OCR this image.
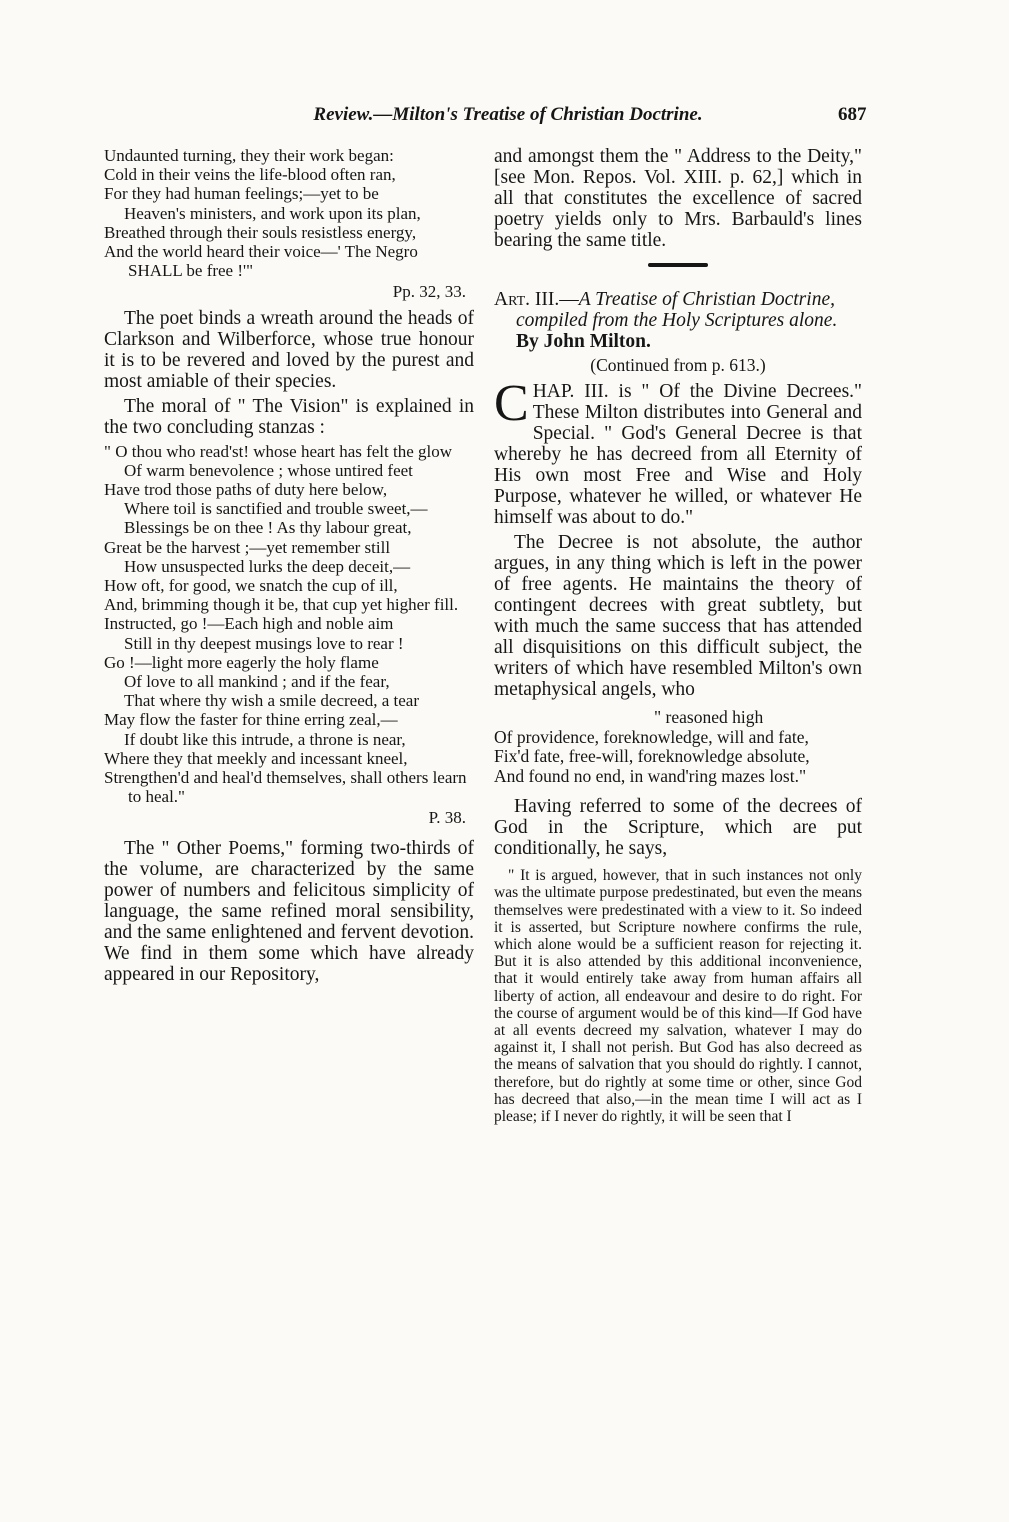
Review.—Milton's Treatise of Christian Doctrine.	687
Undaunted turning, they their work began:
Cold in their veins the life-blood often ran,
For they had human feelings;—yet to be
Heaven's ministers, and work upon its plan,
Breathed through their souls resistless energy,
And the world heard their voice—' The Negro SHALL be free !'"
Pp. 32, 33.

The poet binds a wreath around the heads of Clarkson and Wilberforce, whose true honour it is to be revered and loved by the purest and most amiable of their species.

The moral of " The Vision" is explained in the two concluding stanzas :

" O thou who read'st! whose heart has felt the glow
Of warm benevolence ; whose untired feet
Have trod those paths of duty here below,
Where toil is sanctified and trouble sweet,—
Blessings be on thee ! As thy labour great,
Great be the harvest ;—yet remember still
How unsuspected lurks the deep deceit,—
How oft, for good, we snatch the cup of ill,
And, brimming though it be, that cup yet higher fill.
Instructed, go !—Each high and noble aim
Still in thy deepest musings love to rear !
Go !—light more eagerly the holy flame
Of love to all mankind ; and if the fear,
That where thy wish a smile decreed, a tear
May flow the faster for thine erring zeal,—
If doubt like this intrude, a throne is near,
Where they that meekly and incessant kneel,
Strengthen'd and heal'd themselves, shall others learn to heal."
P. 38.

The " Other Poems," forming two-thirds of the volume, are characterized by the same power of numbers and felicitous simplicity of language, the same refined moral sensibility, and the same enlightened and fervent devotion. We find in them some which have already appeared in our Repository,

and amongst them the " Address to the Deity," [see Mon. Repos. Vol. XIII. p. 62,] which in all that constitutes the excellence of sacred poetry yields only to Mrs. Barbauld's lines bearing the same title.

Art. III.—A Treatise of Christian Doctrine, compiled from the Holy Scriptures alone. By John Milton.

(Continued from p. 613.)

CHAP. III. is " Of the Divine Decrees." These Milton distributes into General and Special. " God's General Decree is that whereby he has decreed from all Eternity of His own most Free and Wise and Holy Purpose, whatever he willed, or whatever He himself was about to do."

The Decree is not absolute, the author argues, in any thing which is left in the power of free agents. He maintains the theory of contingent decrees with great subtlety, but with much the same success that has attended all disquisitions on this difficult subject, the writers of which have resembled Milton's own metaphysical angels, who

" reasoned high
Of providence, foreknowledge, will and fate,
Fix'd fate, free-will, foreknowledge absolute,
And found no end, in wand'ring mazes lost."

Having referred to some of the decrees of God in the Scripture, which are put conditionally, he says,

" It is argued, however, that in such instances not only was the ultimate purpose predestinated, but even the means themselves were predestinated with a view to it. So indeed it is asserted, but Scripture nowhere confirms the rule, which alone would be a sufficient reason for rejecting it. But it is also attended by this additional inconvenience, that it would entirely take away from human affairs all liberty of action, all endeavour and desire to do right. For the course of argument would be of this kind—If God have at all events decreed my salvation, whatever I may do against it, I shall not perish. But God has also decreed as the means of salvation that you should do rightly. I cannot, therefore, but do rightly at some time or other, since God has decreed that also,—in the mean time I will act as I please; if I never do rightly, it will be seen that I
